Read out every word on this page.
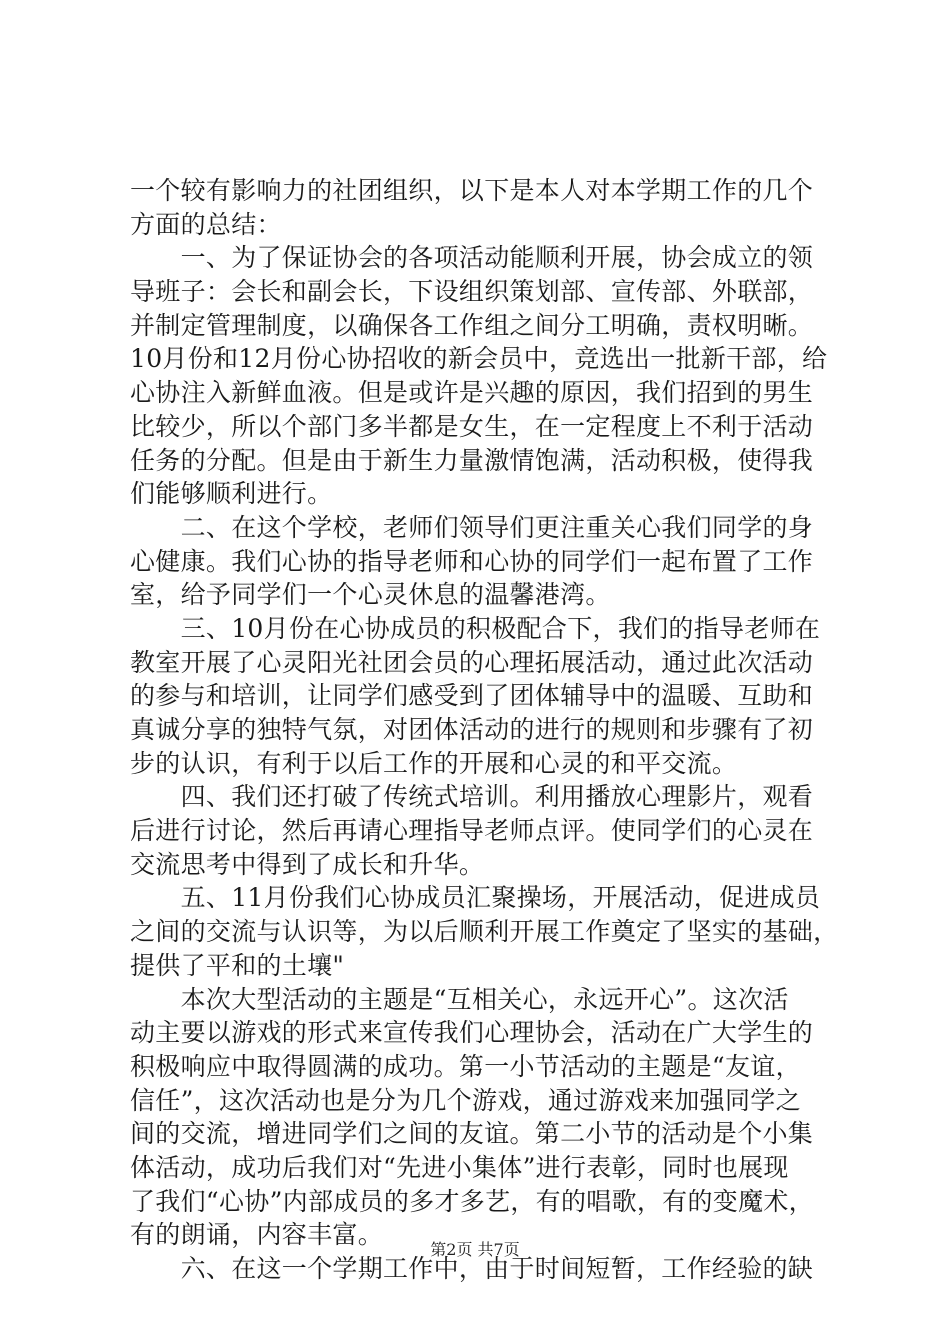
一个较有影响力的社团组织，以下是本人对本学期工作的几个
方面的总结：
　　一、为了保证协会的各项活动能顺利开展，协会成立的领
导班子：会长和副会长，下设组织策划部、宣传部、外联部，
并制定管理制度，以确保各工作组之间分工明确，责权明晰。
10月份和12月份心协招收的新会员中，竞选出一批新干部，给
心协注入新鲜血液。但是或许是兴趣的原因，我们招到的男生
比较少，所以个部门多半都是女生，在一定程度上不利于活动
任务的分配。但是由于新生力量激情饱满，活动积极，使得我
们能够顺利进行。
　　二、在这个学校，老师们领导们更注重关心我们同学的身
心健康。我们心协的指导老师和心协的同学们一起布置了工作
室，给予同学们一个心灵休息的温馨港湾。
　　三、10月份在心协成员的积极配合下，我们的指导老师在
教室开展了心灵阳光社团会员的心理拓展活动，通过此次活动
的参与和培训，让同学们感受到了团体辅导中的温暖、互助和
真诚分享的独特气氛，对团体活动的进行的规则和步骤有了初
步的认识，有利于以后工作的开展和心灵的和平交流。
　　四、我们还打破了传统式培训。利用播放心理影片，观看
后进行讨论，然后再请心理指导老师点评。使同学们的心灵在
交流思考中得到了成长和升华。
　　五、11月份我们心协成员汇聚操场，开展活动，促进成员
之间的交流与认识等，为以后顺利开展工作奠定了坚实的基础，
提供了平和的土壤"
　　本次大型活动的主题是“互相关心，永远开心”。这次活
动主要以游戏的形式来宣传我们心理协会，活动在广大学生的
积极响应中取得圆满的成功。第一小节活动的主题是“友谊，
信任”，这次活动也是分为几个游戏，通过游戏来加强同学之
间的交流，增进同学们之间的友谊。第二小节的活动是个小集
体活动，成功后我们对“先进小集体”进行表彰，同时也展现
了我们“心协”内部成员的多才多艺，有的唱歌，有的变魔术，
有的朗诵，内容丰富。
　　六、在这一个学期工作中，由于时间短暂，工作经验的缺
第2页 共7页
